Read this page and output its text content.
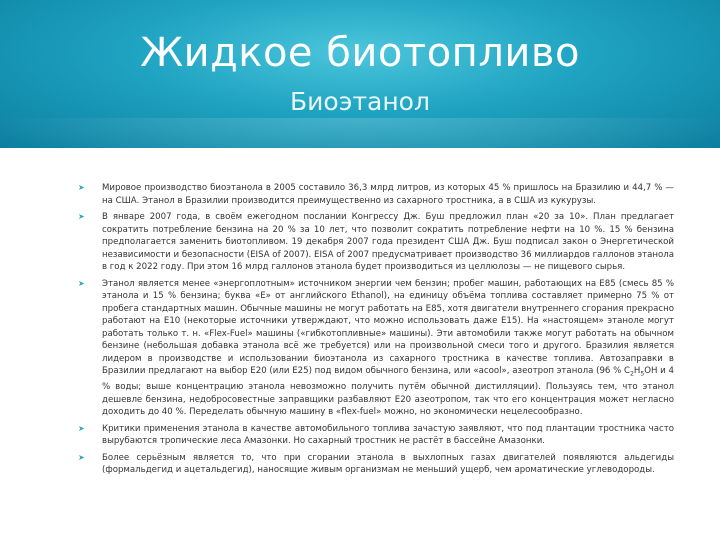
Жидкое биотопливо
Биоэтанол
➤ Мировое производство биоэтанола в 2005 составило 36,3 млрд литров, из которых 45 % пришлось на Бразилию и 44,7 % — на США. Этанол в Бразилии производится преимущественно из сахарного тростника, а в США из кукурузы.
➤ В январе 2007 года, в своём ежегодном послании Конгрессу Дж. Буш предложил план «20 за 10». План предлагает сократить потребление бензина на 20 % за 10 лет, что позволит сократить потребление нефти на 10 %. 15 % бензина предполагается заменить биотопливом. 19 декабря 2007 года президент США Дж. Буш подписал закон о Энергетической независимости и безопасности (EISA of 2007). EISA of 2007 предусматривает производство 36 миллиардов галлонов этанола в год к 2022 году. При этом 16 млрд галлонов этанола будет производиться из целлюлозы — не пищевого сырья.
➤ Этанол является менее «энергоплотным» источником энергии чем бензин; пробег машин, работающих на E85 (смесь 85 % этанола и 15 % бензина; буква «E» от английского Ethanol), на единицу объёма топлива составляет примерно 75 % от пробега стандартных машин. Обычные машины не могут работать на E85, хотя двигатели внутреннего сгорания прекрасно работают на E10 (некоторые источники утверждают, что можно использовать даже E15). На «настоящем» этаноле могут работать только т. н. «Flex-Fuel» машины («гибкотопливные» машины). Эти автомобили также могут работать на обычном бензине (небольшая добавка этанола всё же требуется) или на произвольной смеси того и другого. Бразилия является лидером в производстве и использовании биоэтанола из сахарного тростника в качестве топлива. Автозаправки в Бразилии предлагают на выбор E20 (или E25) под видом обычного бензина, или «acool», азеотроп этанола (96 % $C_2H_5OH$ и 4 % воды; выше концентрацию этанола невозможно получить путём обычной дистилляции). Пользуясь тем, что этанол дешевле бензина, недобросовестные заправщики разбавляют E20 азеотропом, так что его концентрация может негласно доходить до 40 %. Переделать обычную машину в «flex-fuel» можно, но экономически нецелесообразно.
➤ Критики применения этанола в качестве автомобильного топлива зачастую заявляют, что под плантации тростника часто вырубаются тропические леса Амазонки. Но сахарный тростник не растёт в бассейне Амазонки.
➤ Более серьёзным является то, что при сгорании этанола в выхлопных газах двигателей появляются альдегиды (формальдегид и ацетальдегид), наносящие живым организмам не меньший ущерб, чем ароматические углеводороды.
